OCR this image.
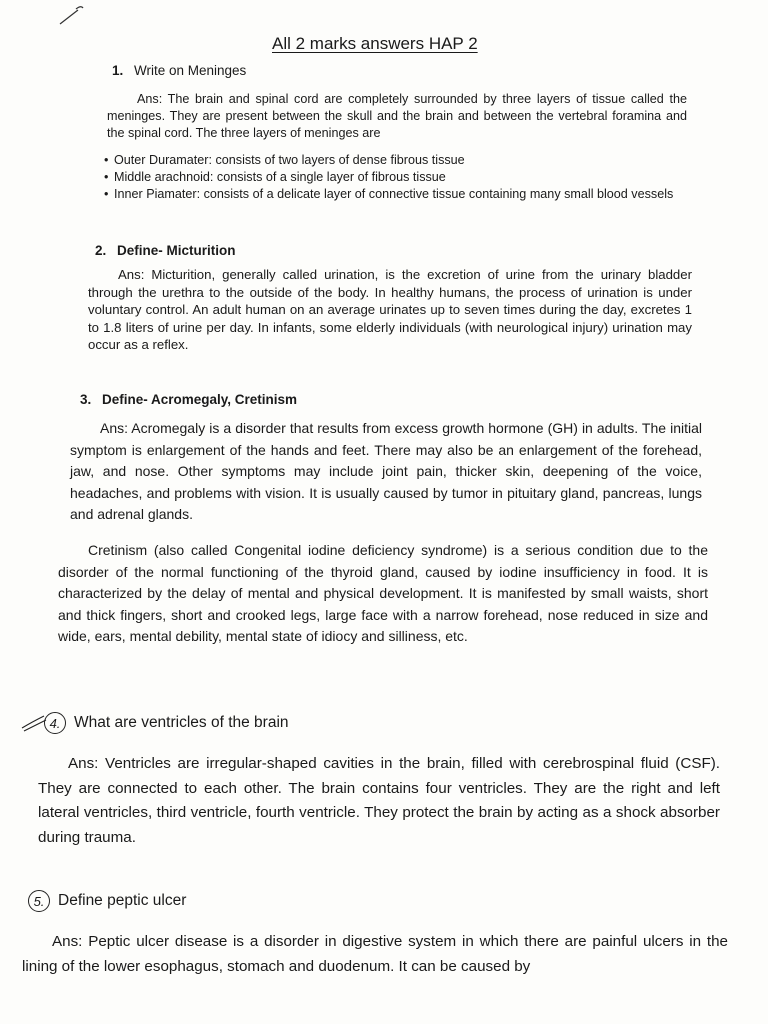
All 2 marks answers HAP 2
1. Write on Meninges

Ans: The brain and spinal cord are completely surrounded by three layers of tissue called the meninges. They are present between the skull and the brain and between the vertebral foramina and the spinal cord. The three layers of meninges are

• Outer Duramater: consists of two layers of dense fibrous tissue
• Middle arachnoid: consists of a single layer of fibrous tissue
• Inner Piamater: consists of a delicate layer of connective tissue containing many small blood vessels
2. Define- Micturition

Ans: Micturition, generally called urination, is the excretion of urine from the urinary bladder through the urethra to the outside of the body. In healthy humans, the process of urination is under voluntary control. An adult human on an average urinates up to seven times during the day, excretes 1 to 1.8 liters of urine per day. In infants, some elderly individuals (with neurological injury) urination may occur as a reflex.

3. Define- Acromegaly, Cretinism

Ans: Acromegaly is a disorder that results from excess growth hormone (GH) in adults. The initial symptom is enlargement of the hands and feet. There may also be an enlargement of the forehead, jaw, and nose. Other symptoms may include joint pain, thicker skin, deepening of the voice, headaches, and problems with vision. It is usually caused by tumor in pituitary gland, pancreas, lungs and adrenal glands.

Cretinism (also called Congenital iodine deficiency syndrome) is a serious condition due to the disorder of the normal functioning of the thyroid gland, caused by iodine insufficiency in food. It is characterized by the delay of mental and physical development. It is manifested by small waists, short and thick fingers, short and crooked legs, large face with a narrow forehead, nose reduced in size and wide, ears, mental debility, mental state of idiocy and silliness, etc.

4. What are ventricles of the brain

Ans: Ventricles are irregular-shaped cavities in the brain, filled with cerebrospinal fluid (CSF). They are connected to each other. The brain contains four ventricles. They are the right and left lateral ventricles, third ventricle, fourth ventricle. They protect the brain by acting as a shock absorber during trauma.

5. Define peptic ulcer

Ans: Peptic ulcer disease is a disorder in digestive system in which there are painful ulcers in the lining of the lower esophagus, stomach and duodenum. It can be caused by
